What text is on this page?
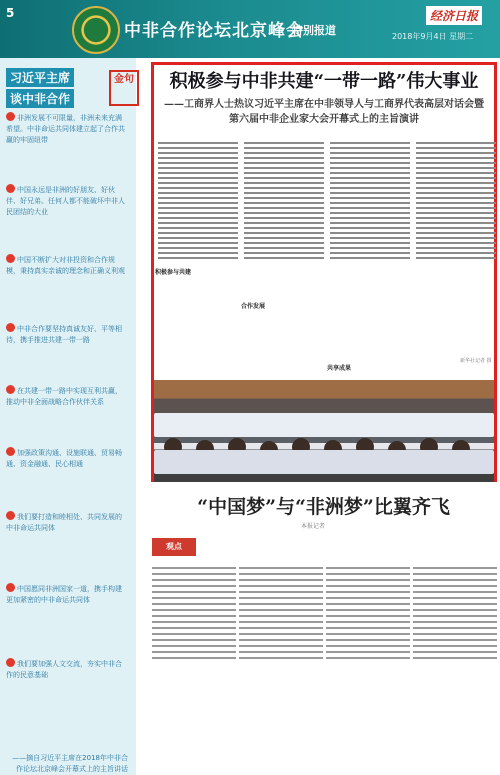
5
中非合作论坛北京峰会
特别报道
经济日报
2018年9月4日 星期二
习近平主席
谈中非合作
金句
非洲发展不可限量，非洲未来充满希望。中非命运共同体建立起了合作共赢的牢固纽带
中国永远是非洲的好朋友、好伙伴、好兄弟。任何人都不能破坏中非人民团结的大业
中国不断扩大对非投资和合作规模，秉持真实亲诚的理念和正确义利观
中非合作要坚持真诚友好、平等相待，携手推进共建一带一路
在共建一带一路中实现互利共赢，推动中非全面战略合作伙伴关系
加强政策沟通、设施联通、贸易畅通、资金融通、民心相通
我们要打造和睦相处、共同发展的中非命运共同体
中国愿同非洲国家一道，携手构建更加紧密的中非命运共同体
我们要加强人文交流，夯实中非合作的民意基础
——摘自习近平主席在2018年中非合作论坛北京峰会开幕式上的主旨讲话
积极参与中非共建“一带一路”伟大事业
——工商界人士热议习近平主席在中非领导人与工商界代表高层对话会暨第六届中非企业家大会开幕式上的主旨演讲
积极参与共建
合作发展
共享成果
新华社记者 摄
“中国梦”与“非洲梦”比翼齐飞
本报记者
观点
